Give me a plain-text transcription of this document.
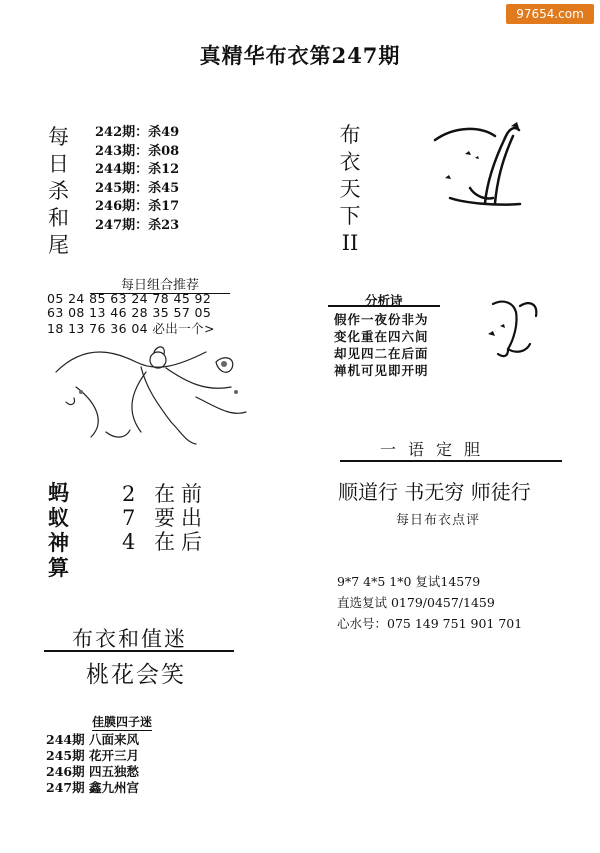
97654.com
真精华布衣第247期
每
日
杀
和
尾
242期：杀49
243期：杀08
244期：杀12
245期：杀45
246期：杀17
247期：杀23
每日组合推荐
05 24 85 63 24 78 45 92
63 08 13 46 28 35 57 05
18 13 76 36 04 必出一个>
蚂
蚁
神
算
2 在前
7 要出
4 在后
布衣和值迷
桃花会笑
佳膜四子迷
244期 八面来风
245期 花开三月
246期 四五独愁
247期 鑫九州宫
布
衣
天
下
II
分析诗
假作一夜份非为
变化重在四六间
却见四二在后面
禅机可见即开明
一语定胆
顺道行 书无穷 师徒行
每日布衣点评
9*7 4*5 1*0 复试14579
直选复试 0179/0457/1459
心水号：075 149 751 901 701
